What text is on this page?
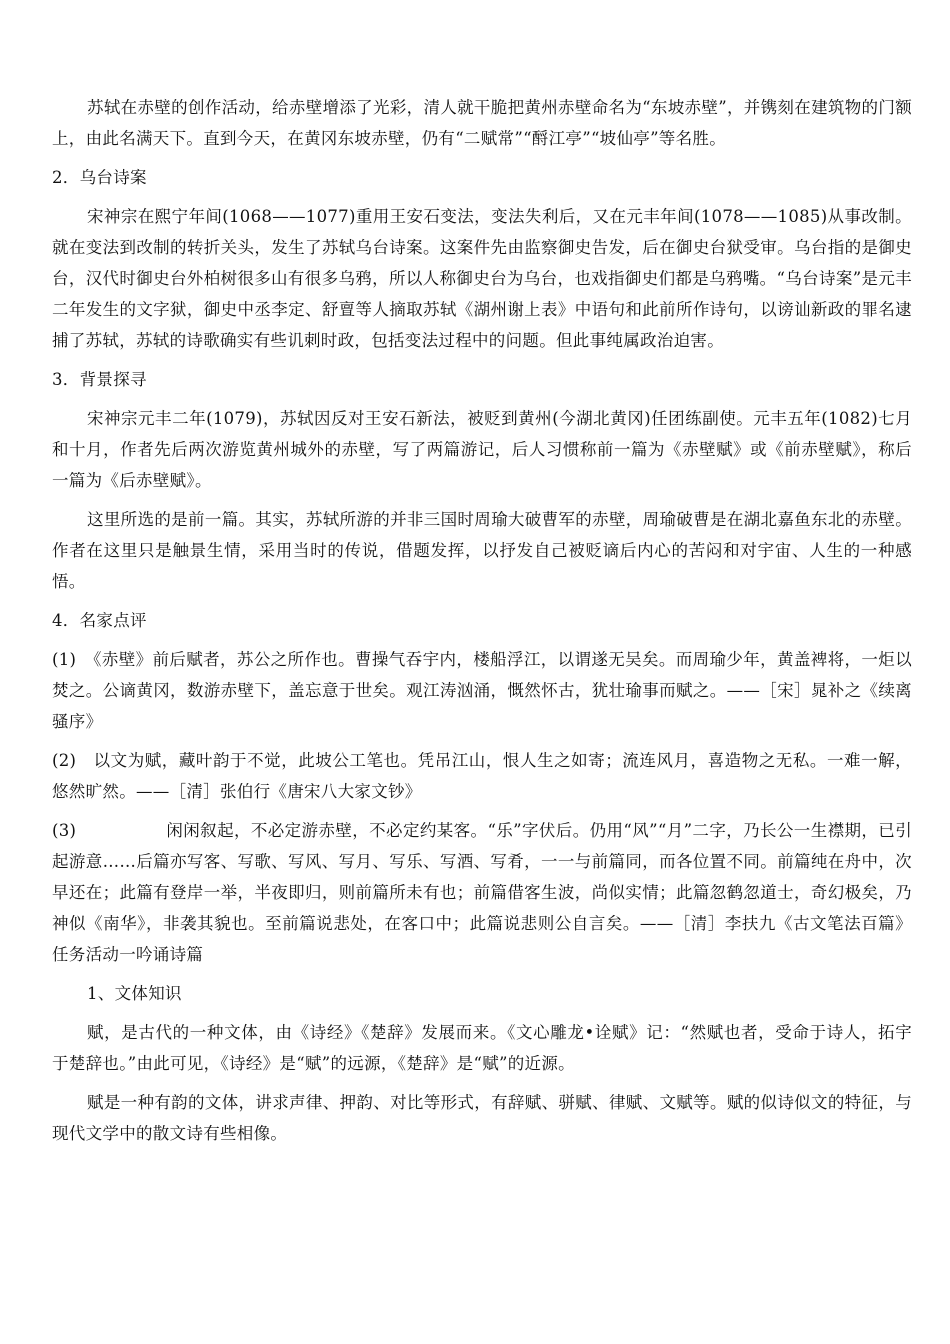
苏轼在赤壁的创作活动，给赤壁增添了光彩，清人就干脆把黄州赤壁命名为“东坡赤壁”，并镌刻在建筑物的门额上，由此名满天下。直到今天，在黄冈东坡赤壁，仍有“二赋常”“酹江亭”“坡仙亭”等名胜。

2．乌台诗案

宋神宗在熙宁年间(1068——1077)重用王安石变法，变法失利后，又在元丰年间(1078——1085)从事改制。就在变法到改制的转折关头，发生了苏轼乌台诗案。这案件先由监察御史告发，后在御史台狱受审。乌台指的是御史台，汉代时御史台外柏树很多山有很多乌鸦，所以人称御史台为乌台，也戏指御史们都是乌鸦嘴。“乌台诗案”是元丰二年发生的文字狱，御史中丞李定、舒亶等人摘取苏轼《湖州谢上表》中语句和此前所作诗句，以谤讪新政的罪名逮捕了苏轼，苏轼的诗歌确实有些讥刺时政，包括变法过程中的问题。但此事纯属政治迫害。

3．背景探寻

宋神宗元丰二年(1079)，苏轼因反对王安石新法，被贬到黄州(今湖北黄冈)任团练副使。元丰五年(1082)七月和十月，作者先后两次游览黄州城外的赤壁，写了两篇游记，后人习惯称前一篇为《赤壁赋》或《前赤壁赋》，称后一篇为《后赤壁赋》。

这里所选的是前一篇。其实，苏轼所游的并非三国时周瑜大破曹军的赤壁，周瑜破曹是在湖北嘉鱼东北的赤壁。作者在这里只是触景生情，采用当时的传说，借题发挥，以抒发自己被贬谪后内心的苦闷和对宇宙、人生的一种感悟。

4．名家点评

(1)　《赤壁》前后赋者，苏公之所作也。曹操气吞宇内，楼船浮江，以谓遂无吴矣。而周瑜少年，黄盖裨将，一炬以焚之。公谪黄冈，数游赤壁下，盖忘意于世矣。观江涛汹涌，慨然怀古，犹壮瑜事而赋之。——［宋］晁补之《续离骚序》

(2)　以文为赋，藏叶韵于不觉，此坡公工笔也。凭吊江山，恨人生之如寄；流连风月，喜造物之无私。一难一解，悠然旷然。——［清］张伯行《唐宋八大家文钞》

(3)	闲闲叙起，不必定游赤壁，不必定约某客。“乐”字伏后。仍用“风”“月”二字，乃长公一生襟期，已引起游意……后篇亦写客、写歌、写风、写月、写乐、写酒、写肴，一一与前篇同，而各位置不同。前篇纯在舟中，次早还在；此篇有登岸一举，半夜即归，则前篇所未有也；前篇借客生波，尚似实情；此篇忽鹤忽道士，奇幻极矣，乃神似《南华》，非袭其貌也。至前篇说悲处，在客口中；此篇说悲则公自言矣。——［清］李扶九《古文笔法百篇》任务活动一吟诵诗篇

1、文体知识

赋，是古代的一种文体，由《诗经》《楚辞》发展而来。《文心雕龙•诠赋》记：“然赋也者，受命于诗人，拓宇于楚辞也。”由此可见，《诗经》是“赋”的远源，《楚辞》是“赋”的近源。

赋是一种有韵的文体，讲求声律、押韵、对比等形式，有辞赋、骈赋、律赋、文赋等。赋的似诗似文的特征，与现代文学中的散文诗有些相像。
